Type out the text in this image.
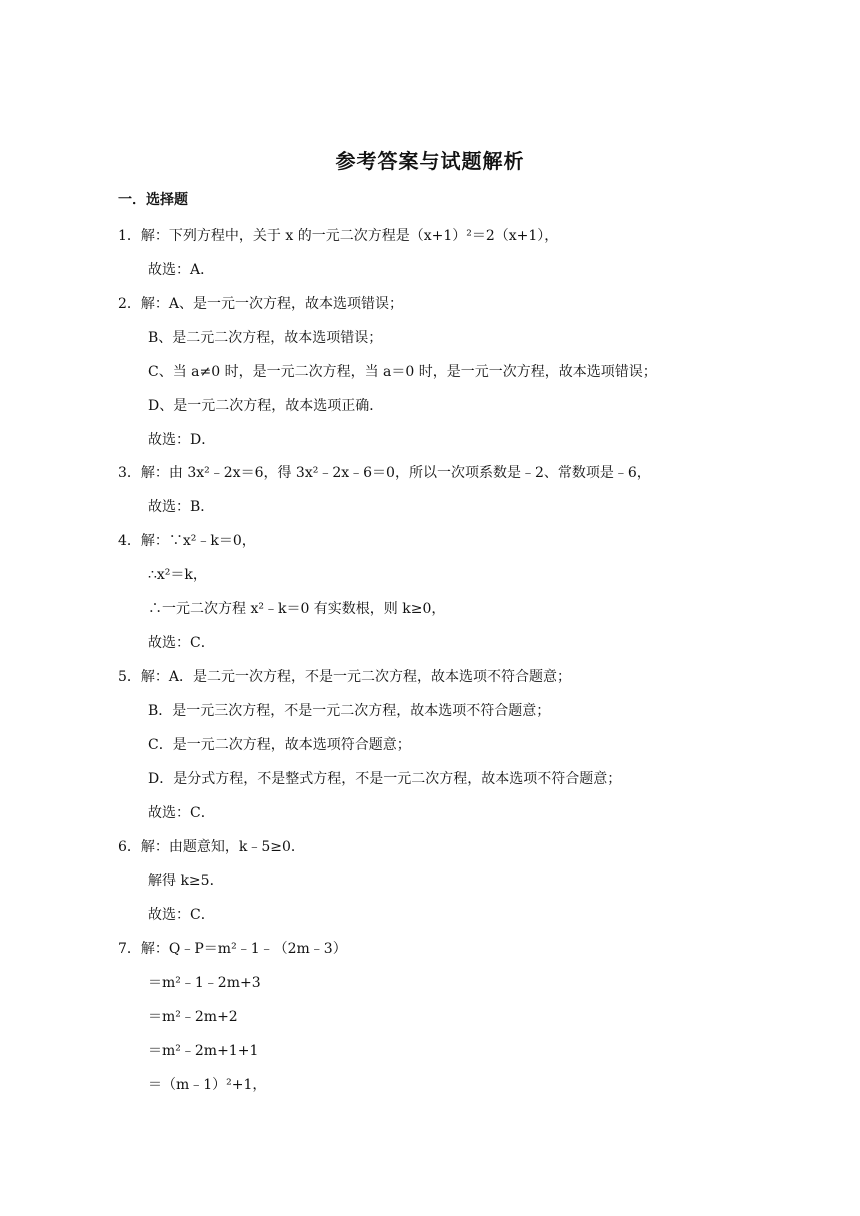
参考答案与试题解析
一．选择题
1．解：下列方程中，关于 x 的一元二次方程是（x+1）²＝2（x+1），
故选：A．
2．解：A、是一元一次方程，故本选项错误；
B、是二元二次方程，故本选项错误；
C、当 a≠0 时，是一元二次方程，当 a＝0 时，是一元一次方程，故本选项错误；
D、是一元二次方程，故本选项正确．
故选：D．
3．解：由 3x²﹣2x＝6，得 3x²﹣2x﹣6＝0，所以一次项系数是﹣2、常数项是﹣6，
故选：B．
4．解：∵x²﹣k＝0，
∴x²＝k，
∴一元二次方程 x²﹣k＝0 有实数根，则 k≥0，
故选：C．
5．解：A．是二元一次方程，不是一元二次方程，故本选项不符合题意；
B．是一元三次方程，不是一元二次方程，故本选项不符合题意；
C．是一元二次方程，故本选项符合题意；
D．是分式方程，不是整式方程，不是一元二次方程，故本选项不符合题意；
故选：C．
6．解：由题意知，k﹣5≥0．
解得 k≥5．
故选：C．
7．解：Q﹣P＝m²﹣1﹣（2m﹣3）
＝m²﹣1﹣2m+3
＝m²﹣2m+2
＝m²﹣2m+1+1
＝（m﹣1）²+1，
